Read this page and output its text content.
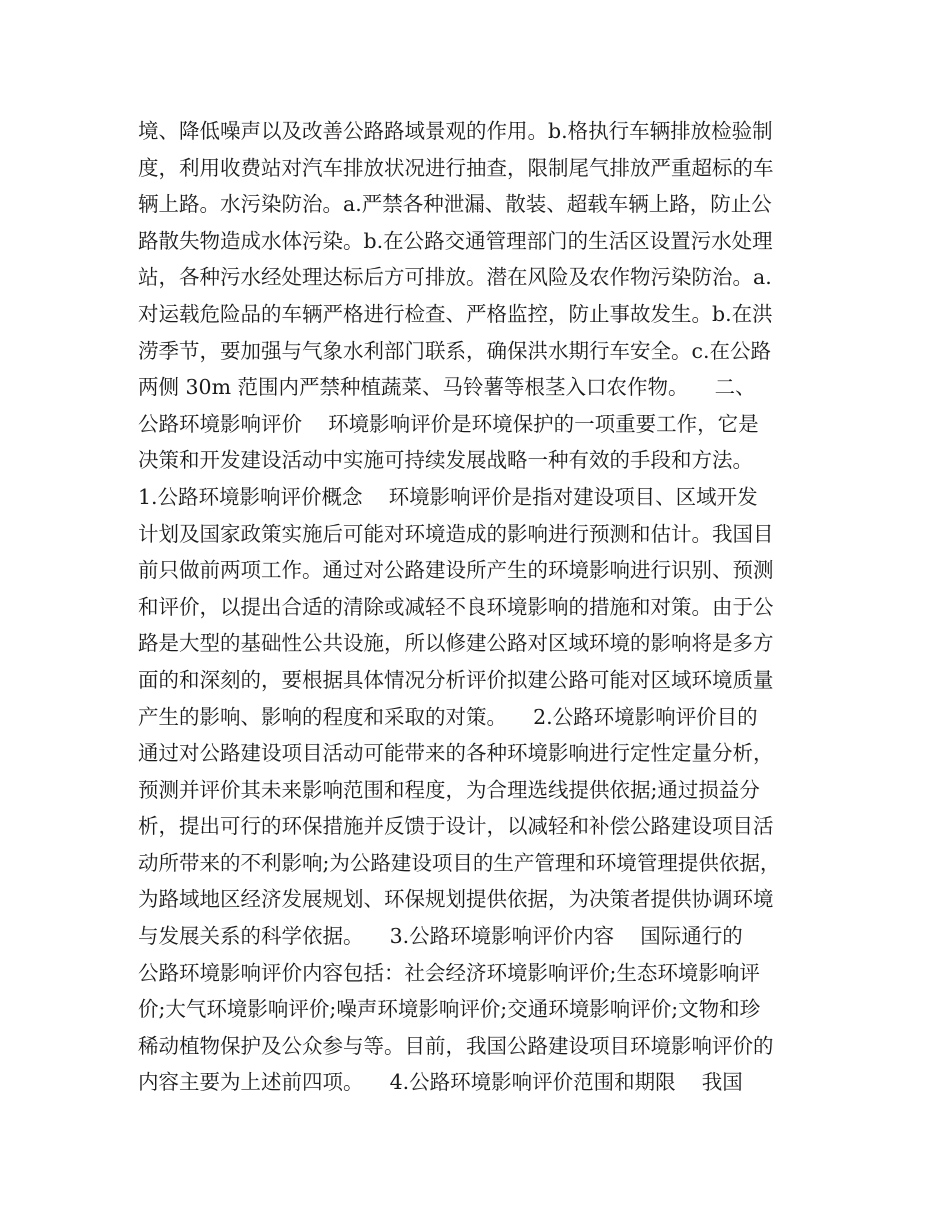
境、降低噪声以及改善公路路域景观的作用。b.格执行车辆排放检验制
度，利用收费站对汽车排放状况进行抽查，限制尾气排放严重超标的车
辆上路。水污染防治。a.严禁各种泄漏、散装、超载车辆上路，防止公
路散失物造成水体污染。b.在公路交通管理部门的生活区设置污水处理
站，各种污水经处理达标后方可排放。潜在风险及农作物污染防治。a.
对运载危险品的车辆严格进行检查、严格监控，防止事故发生。b.在洪
涝季节，要加强与气象水利部门联系，确保洪水期行车安全。c.在公路
两侧 30m 范围内严禁种植蔬菜、马铃薯等根茎入口农作物。    二、
公路环境影响评价    环境影响评价是环境保护的一项重要工作，它是
决策和开发建设活动中实施可持续发展战略一种有效的手段和方法。
1.公路环境影响评价概念    环境影响评价是指对建设项目、区域开发
计划及国家政策实施后可能对环境造成的影响进行预测和估计。我国目
前只做前两项工作。通过对公路建设所产生的环境影响进行识别、预测
和评价，以提出合适的清除或减轻不良环境影响的措施和对策。由于公
路是大型的基础性公共设施，所以修建公路对区域环境的影响将是多方
面的和深刻的，要根据具体情况分析评价拟建公路可能对区域环境质量
产生的影响、影响的程度和采取的对策。    2.公路环境影响评价目的
通过对公路建设项目活动可能带来的各种环境影响进行定性定量分析，
预测并评价其未来影响范围和程度，为合理选线提供依据;通过损益分
析，提出可行的环保措施并反馈于设计，以减轻和补偿公路建设项目活
动所带来的不利影响;为公路建设项目的生产管理和环境管理提供依据，
为路域地区经济发展规划、环保规划提供依据，为决策者提供协调环境
与发展关系的科学依据。    3.公路环境影响评价内容    国际通行的
公路环境影响评价内容包括：社会经济环境影响评价;生态环境影响评
价;大气环境影响评价;噪声环境影响评价;交通环境影响评价;文物和珍
稀动植物保护及公众参与等。目前，我国公路建设项目环境影响评价的
内容主要为上述前四项。    4.公路环境影响评价范围和期限    我国
